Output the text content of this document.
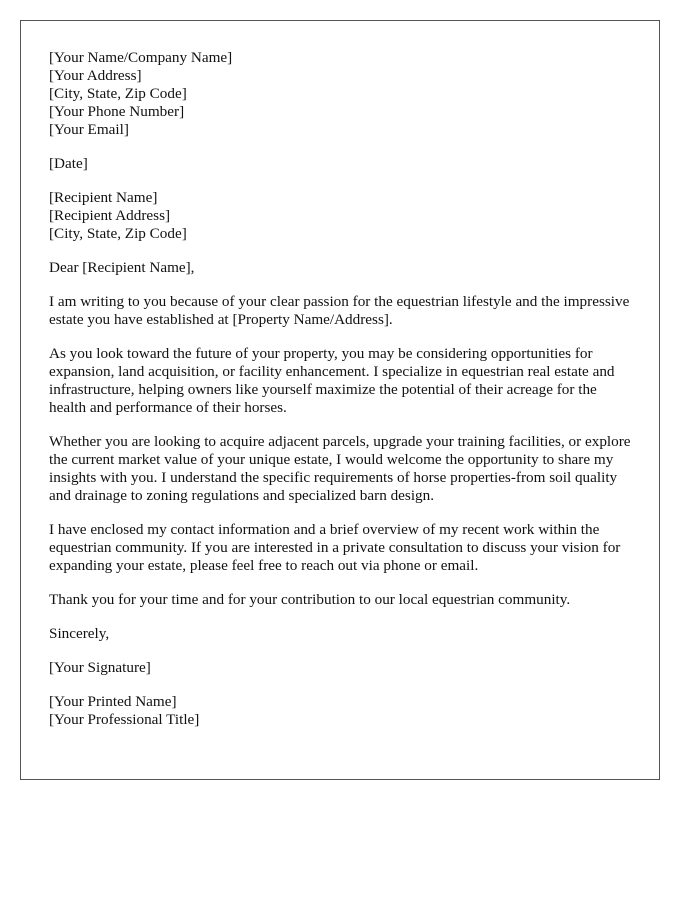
[Your Name/Company Name]
[Your Address]
[City, State, Zip Code]
[Your Phone Number]
[Your Email]
[Date]
[Recipient Name]
[Recipient Address]
[City, State, Zip Code]

Dear [Recipient Name],

I am writing to you because of your clear passion for the equestrian lifestyle and the impressive estate you have established at [Property Name/Address].

As you look toward the future of your property, you may be considering opportunities for expansion, land acquisition, or facility enhancement. I specialize in equestrian real estate and infrastructure, helping owners like yourself maximize the potential of their acreage for the health and performance of their horses.

Whether you are looking to acquire adjacent parcels, upgrade your training facilities, or explore the current market value of your unique estate, I would welcome the opportunity to share my insights with you. I understand the specific requirements of horse properties-from soil quality and drainage to zoning regulations and specialized barn design.

I have enclosed my contact information and a brief overview of my recent work within the equestrian community. If you are interested in a private consultation to discuss your vision for expanding your estate, please feel free to reach out via phone or email.

Thank you for your time and for your contribution to our local equestrian community.

Sincerely,

[Your Signature]

[Your Printed Name]
[Your Professional Title]
